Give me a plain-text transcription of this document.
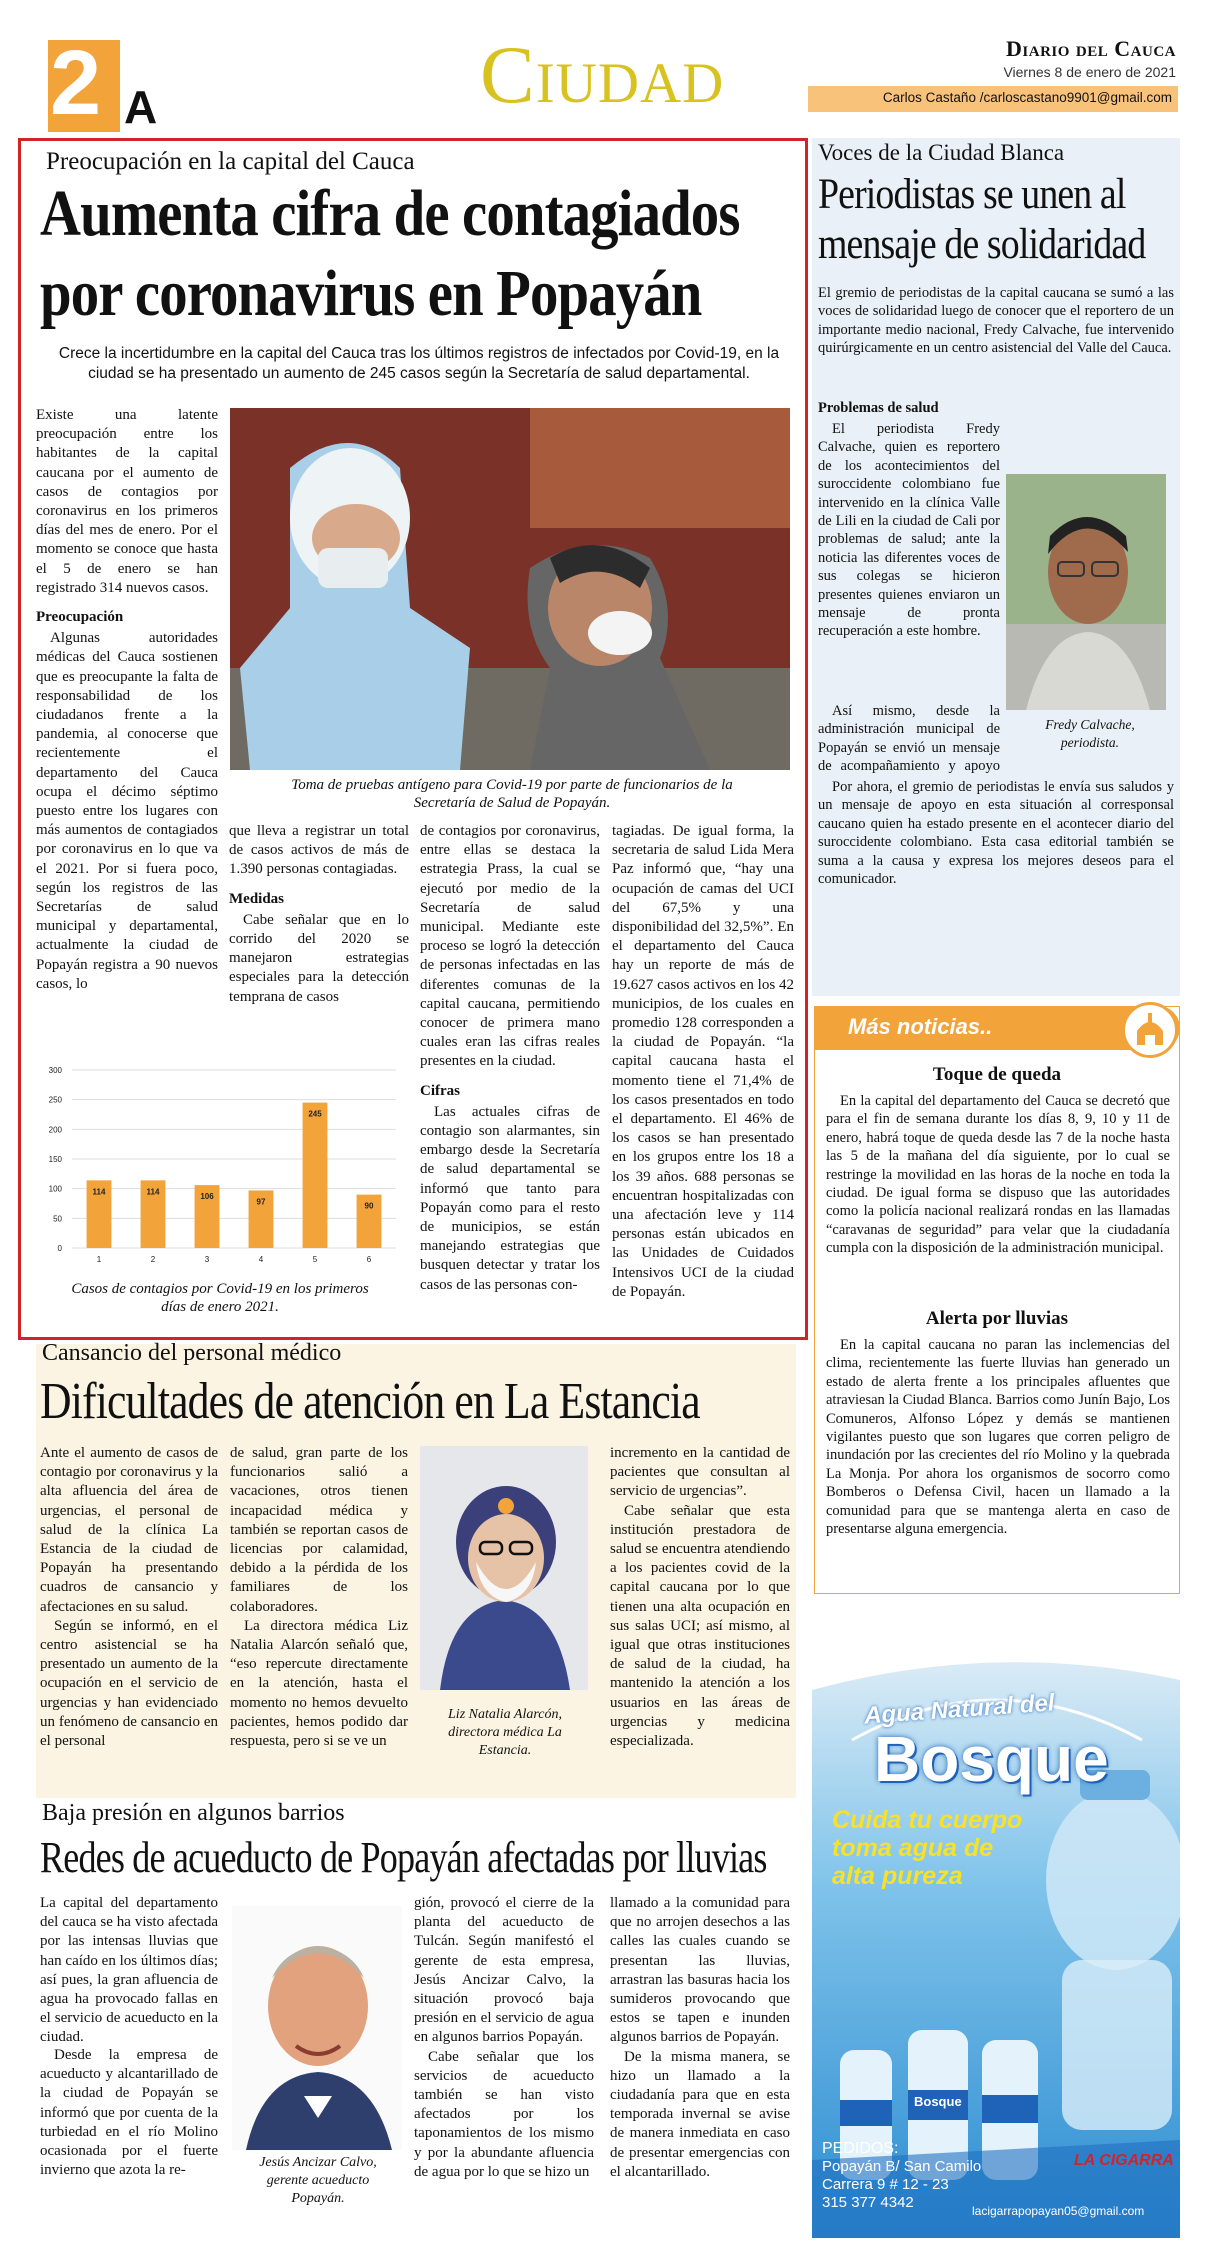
2 A	Ciudad	Diario del Cauca
Viernes 8 de enero de 2021
Carlos Castaño /carloscastano9901@gmail.com
Preocupación en la capital del Cauca
Aumenta cifra de contagiados
por coronavirus en Popayán
Crece la incertidumbre en la capital del Cauca tras los últimos registros de infectados por Covid-19, en la ciudad se ha presentado un aumento de 245 casos según la Secretaría de salud departamental.
Toma de pruebas antígeno para Covid-19 por parte de funcionarios de la Secretaría de Salud de Popayán.

Existe una latente preocupación entre los habitantes de la capital caucana por el aumento de casos de contagios por coronavirus en los primeros días del mes de enero. Por el momento se conoce que hasta el 5 de enero se han registrado 314 nuevos casos.

Preocupación

Algunas autoridades médicas del Cauca sostienen que es preocupante la falta de responsabilidad de los ciudadanos frente a la pandemia, al conocerse que recientemente el departamento del Cauca ocupa el décimo séptimo puesto entre los lugares con más aumentos de contagiados por coronavirus en lo que va el 2021. Por si fuera poco, según los registros de las Secretarías de salud municipal y departamental, actualmente la ciudad de Popayán registra a 90 nuevos casos, lo

que lleva a registrar un total de casos activos de más de 1.390 personas contagiadas.

Medidas

Cabe señalar que en lo corrido del 2020 se manejaron estrategias especiales para la detección temprana de casos

de contagios por coronavirus, entre ellas se destaca la estrategia Prass, la cual se ejecutó por medio de la Secretaría de salud municipal. Mediante este proceso se logró la detección de personas infectadas en las diferentes comunas de la capital caucana, permitiendo conocer de primera mano cuales eran las cifras reales presentes en la ciudad.

Cifras

Las actuales cifras de contagio son alarmantes, sin embargo desde la Secretaría de salud departamental se informó que tanto para Popayán como para el resto de municipios, se están manejando estrategias que busquen detectar y tratar los casos de las personas con-

tagiadas. De igual forma, la secretaria de salud Lida Mera Paz informó que, “hay una ocupación de camas del UCI del 67,5% y una disponibilidad del 32,5%”. En el departamento del Cauca hay un reporte de más de 19.627 casos activos en los 42 municipios, de los cuales en promedio 128 corresponden a la ciudad de Popayán. “la capital caucana hasta el momento tiene el 71,4% de los casos presentados en todo el departamento. El 46% de los casos se han presentado en los grupos entre los 18 a los 39 años. 688 personas se encuentran hospitalizadas con una afectación leve y 114 personas están ubicados en las Unidades de Cuidados Intensivos UCI de la ciudad de Popayán.

0
50
100
150
200
250
300
114
1
114
2
106
3
97
4
245
5
90
6
Casos de contagios por Covid-19 en los primeros días de enero 2021.
Voces de la Ciudad Blanca
Periodistas se unen al
mensaje de solidaridad

El gremio de periodistas de la capital caucana se sumó a las voces de solidaridad luego de conocer que el reportero de un importante medio nacional, Fredy Calvache, fue intervenido quirúrgicamente en un centro asistencial del Valle del Cauca.

Problemas de salud

El periodista Fredy Calvache, quien es reportero de los acontecimientos del suroccidente colombiano fue intervenido en la clínica Valle de Lili en la ciudad de Cali por problemas de salud; ante la noticia las diferentes voces de sus colegas se hicieron presentes quienes enviaron un mensaje de pronta recuperación a este hombre.

Así mismo, desde la administración municipal de Popayán se envió un mensaje de acompañamiento y apoyo

Fredy Calvache, periodista.

Por ahora, el gremio de periodistas le envía sus saludos y un mensaje de apoyo en esta situación al corresponsal caucano quien ha estado presente en el acontecer diario del suroccidente colombiano. Esta casa editorial también se suma a la causa y expresa los mejores deseos para el comunicador.

Más noticias..
Toque de queda

En la capital del departamento del Cauca se decretó que para el fin de semana durante los días 8, 9, 10 y 11 de enero, habrá toque de queda desde las 7 de la noche hasta las 5 de la mañana del día siguiente, por lo cual se restringe la movilidad en las horas de la noche en toda la ciudad. De igual forma se dispuso que las autoridades como la policía nacional realizará rondas en las llamadas “caravanas de seguridad” para velar que la ciudadanía cumpla con la disposición de la administración municipal.

Alerta por lluvias

En la capital caucana no paran las inclemencias del clima, recientemente las fuerte lluvias han generado un estado de alerta frente a los principales afluentes que atraviesan la Ciudad Blanca. Barrios como Junín Bajo, Los Comuneros, Alfonso López y demás se mantienen vigilantes puesto que son lugares que corren peligro de inundación por las crecientes del río Molino y la quebrada La Monja. Por ahora los organismos de socorro como Bomberos o Defensa Civil, hacen un llamado a la comunidad para que se mantenga alerta en caso de presentarse alguna emergencia.

Cansancio del personal médico
Dificultades de atención en La Estancia

Ante el aumento de casos de contagio por coronavirus y la alta afluencia del área de urgencias, el personal de salud de la clínica La Estancia de la ciudad de Popayán ha presentando cuadros de cansancio y afectaciones en su salud.

Según se informó, en el centro asistencial se ha presentado un aumento de la ocupación en el servicio de urgencias y han evidenciado un fenómeno de cansancio en el personal

de salud, gran parte de los funcionarios salió a vacaciones, otros tienen incapacidad médica y también se reportan casos de licencias por calamidad, debido a la pérdida de los familiares de los colaboradores.

La directora médica Liz Natalia Alarcón señaló que, “eso repercute directamente en la atención, hasta el momento no hemos devuelto pacientes, hemos podido dar respuesta, pero si se ve un

Liz Natalia Alarcón, directora médica La Estancia.

incremento en la cantidad de pacientes que consultan al servicio de urgencias”.

Cabe señalar que esta institución prestadora de salud se encuentra atendiendo a los pacientes covid de la capital caucana por lo que tienen una alta ocupación en sus salas UCI; así mismo, al igual que otras instituciones de salud de la ciudad, ha mantenido la atención a los usuarios en las áreas de urgencias y medicina especializada.

Baja presión en algunos barrios
Redes de acueducto de Popayán afectadas por lluvias

La capital del departamento del cauca se ha visto afectada por las intensas lluvias que han caído en los últimos días; así pues, la gran afluencia de agua ha provocado fallas en el servicio de acueducto en la ciudad.

Desde la empresa de acueducto y alcantarillado de la ciudad de Popayán se informó que por cuenta de la turbiedad en el río Molino ocasionada por el fuerte invierno que azota la re-	Jesús Ancizar Calvo, gerente acueducto Popayán.

gión, provocó el cierre de la planta del acueducto de Tulcán. Según manifestó el gerente de esta empresa, Jesús Ancizar Calvo, la situación provocó baja presión en el servicio de agua en algunos barrios Popayán.

Cabe señalar que los servicios de acueducto también se han visto afectados por los taponamientos de los mismo y por la abundante afluencia de agua por lo que se hizo un

llamado a la comunidad para que no arrojen desechos a las calles las cuales cuando se presentan las lluvias, arrastran las basuras hacia los sumideros provocando que estos se tapen e inunden algunos barrios de Popayán.

De la misma manera, se hizo un llamado a la ciudadanía para que en esta temporada invernal se avise de manera inmediata en caso de presentar emergencias con el alcantarillado.

Agua Natural del
Bosque
Cuida tu cuerpo
toma agua de
alta pureza
Bosque
PEDIDOS:
Popayán B/ San Camilo
Carrera 9 # 12 - 23
315 377 4342
LA CIGARRA
lacigarrapopayan05@gmail.com
